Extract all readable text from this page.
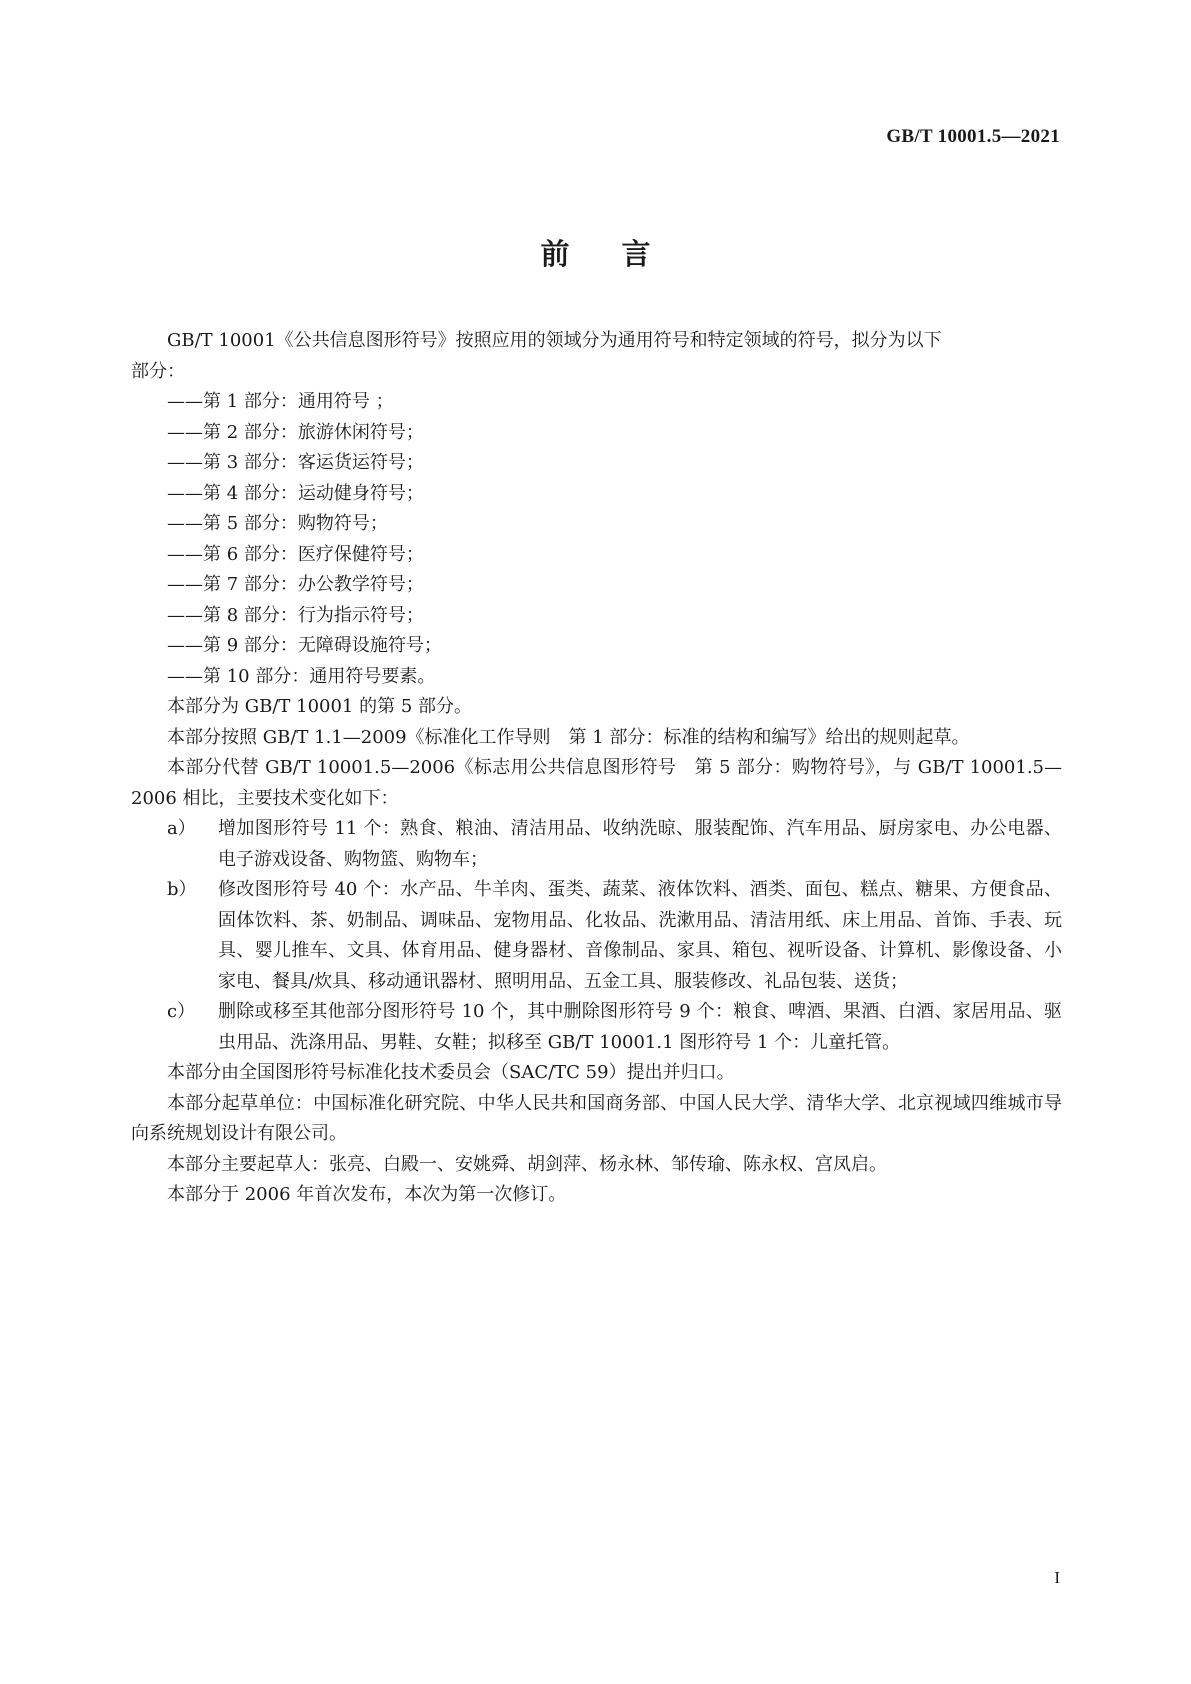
GB/T 10001.5—2021
前言

GB/T 10001《公共信息图形符号》按照应用的领域分为通用符号和特定领域的符号，拟分为以下

部分：

——第 1 部分：通用符号 ；

——第 2 部分：旅游休闲符号；

——第 3 部分：客运货运符号；

——第 4 部分：运动健身符号；

——第 5 部分：购物符号；

——第 6 部分：医疗保健符号；

——第 7 部分：办公教学符号；

——第 8 部分：行为指示符号；

——第 9 部分：无障碍设施符号；

——第 10 部分：通用符号要素。

本部分为 GB/T 10001 的第 5 部分。

本部分按照 GB/T 1.1—2009《标准化工作导则　第 1 部分：标准的结构和编写》给出的规则起草。

本部分代替 GB/T 10001.5—2006《标志用公共信息图形符号　第 5 部分：购物符号》，与 GB/T 10001.5—2006 相比，主要技术变化如下：

a）	增加图形符号 11 个：熟食、粮油、清洁用品、收纳洗晾、服装配饰、汽车用品、厨房家电、办公电器、电子游戏设备、购物篮、购物车；
b）	修改图形符号 40 个：水产品、牛羊肉、蛋类、蔬菜、液体饮料、酒类、面包、糕点、糖果、方便食品、固体饮料、茶、奶制品、调味品、宠物用品、化妆品、洗漱用品、清洁用纸、床上用品、首饰、手表、玩具、婴儿推车、文具、体育用品、健身器材、音像制品、家具、箱包、视听设备、计算机、影像设备、小家电、餐具/炊具、移动通讯器材、照明用品、五金工具、服装修改、礼品包装、送货；
c）	删除或移至其他部分图形符号 10 个，其中删除图形符号 9 个：粮食、啤酒、果酒、白酒、家居用品、驱虫用品、洗涤用品、男鞋、女鞋；拟移至 GB/T 10001.1 图形符号 1 个：儿童托管。

本部分由全国图形符号标准化技术委员会（SAC/TC 59）提出并归口。

本部分起草单位：中国标准化研究院、中华人民共和国商务部、中国人民大学、清华大学、北京视域四维城市导向系统规划设计有限公司。

本部分主要起草人：张亮、白殿一、安姚舜、胡剑萍、杨永林、邹传瑜、陈永权、宫凤启。

本部分于 2006 年首次发布，本次为第一次修订。

I
